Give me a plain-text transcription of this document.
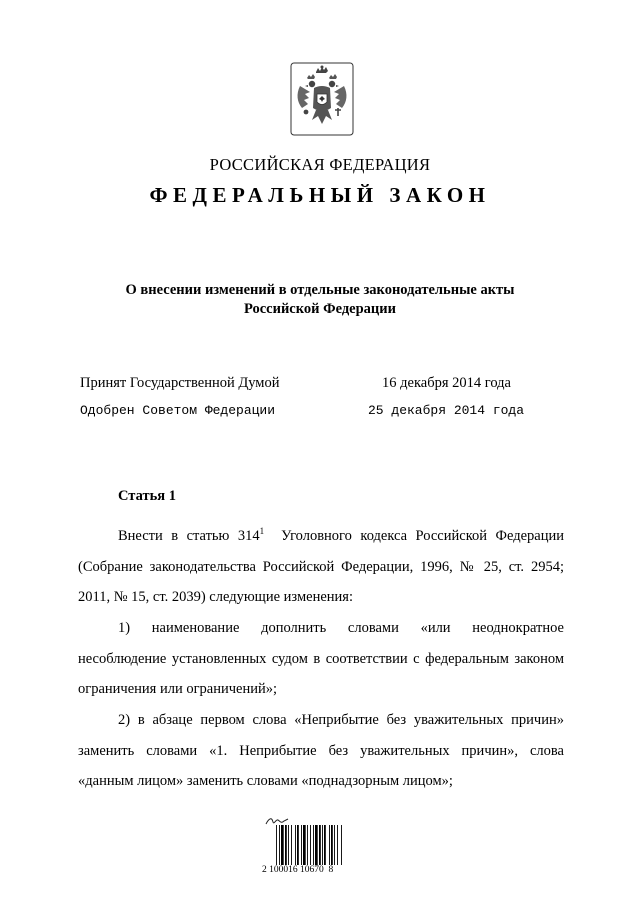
РОССИЙСКАЯ ФЕДЕРАЦИЯ
ФЕДЕРАЛЬНЫЙ ЗАКОН
О внесении изменений в отдельные законодательные акты
Российской Федерации
Принят Государственной Думой	16 декабря 2014 года
Одобрен Советом Федерации	25 декабря 2014 года
Статья 1

Внести в статью $314^1$  Уголовного кодекса Российской Федерации (Собрание законодательства Российской Федерации, 1996, № 25, ст. 2954; 2011, № 15, ст. 2039) следующие изменения:

1) наименование дополнить словами «или неоднократное несоблюдение установленных судом в соответствии с федеральным законом ограничения или ограничений»;

2) в абзаце первом слова «Неприбытие без уважительных причин» заменить словами «1. Неприбытие без уважительных причин», слова «данным лицом» заменить словами «поднадзорным лицом»;

2 100016 10670  8
